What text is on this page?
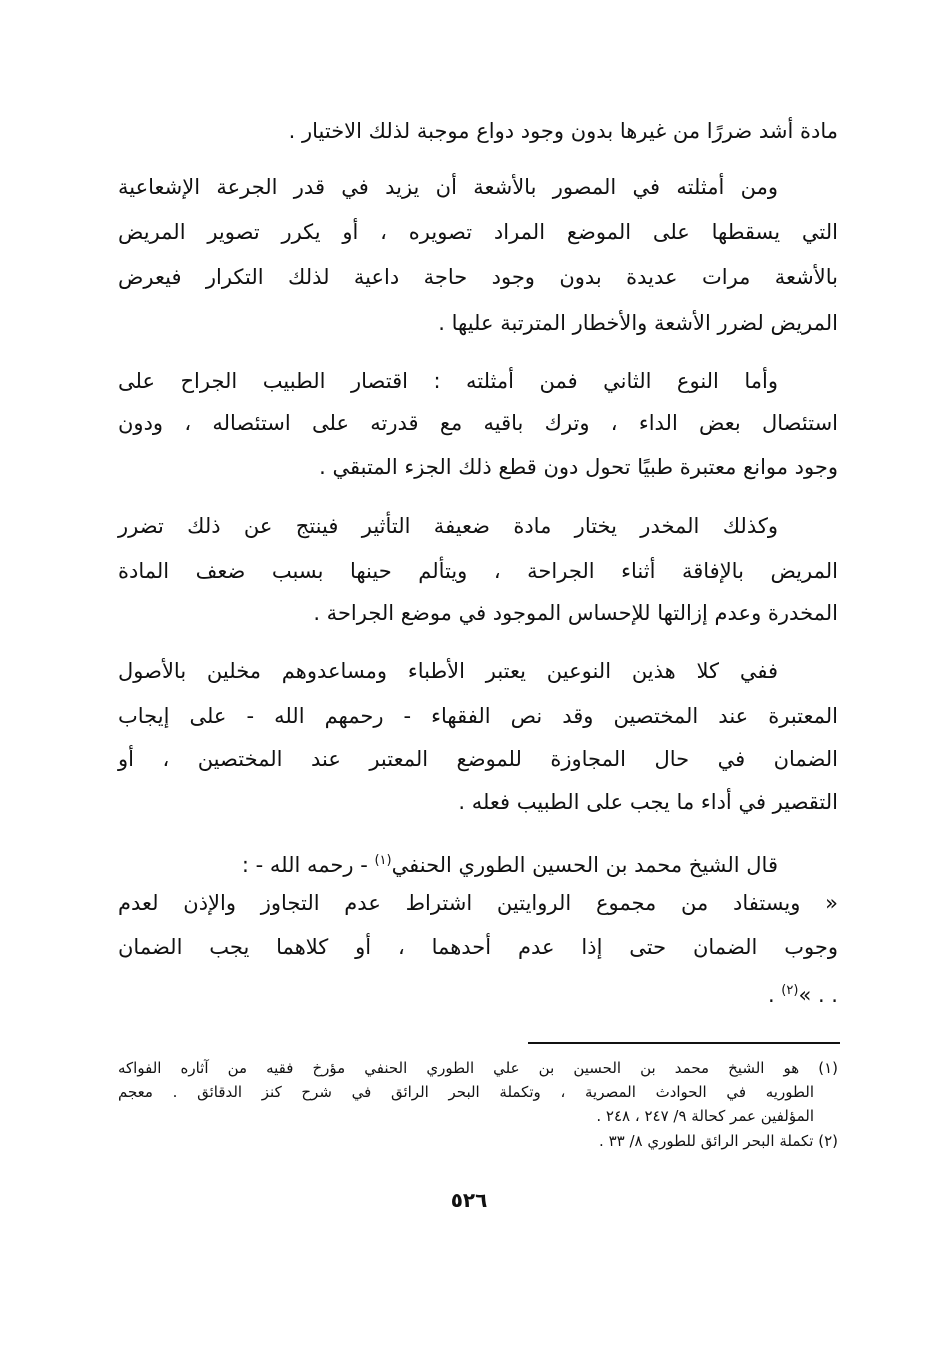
مادة أشد ضررًا من غيرها بدون وجود دواع موجبة لذلك الاختيار .
ومن أمثلته في المصور بالأشعة أن يزيد في قدر الجرعة الإشعاعية
التي يسقطها على الموضع المراد تصويره ، أو يكرر تصوير المريض
بالأشعة مرات عديدة بدون وجود حاجة داعية لذلك التكرار فيعرض
المريض لضرر الأشعة والأخطار المترتبة عليها .
وأما النوع الثاني فمن أمثلته : اقتصار الطبيب الجراح على
استئصال بعض الداء ، وترك باقيه مع قدرته على استئصاله ، ودون
وجود موانع معتبرة طبيًا تحول دون قطع ذلك الجزء المتبقي .
وكذلك المخدر يختار مادة ضعيفة التأثير فينتج عن ذلك تضرر
المريض بالإفاقة أثناء الجراحة ، ويتألم حينها بسبب ضعف المادة
المخدرة وعدم إزالتها للإحساس الموجود في موضع الجراحة .
ففي كلا هذين النوعين يعتبر الأطباء ومساعدوهم مخلين بالأصول
المعتبرة عند المختصين وقد نص الفقهاء - رحمهم الله - على إيجاب
الضمان في حال المجاوزة للموضع المعتبر عند المختصين ، أو
التقصير في أداء ما يجب على الطبيب فعله .
قال الشيخ محمد بن الحسين الطوري الحنفي$^{(١)}$ - رحمه الله - :
« ويستفاد من مجموع الروايتين اشتراط عدم التجاوز والإذن لعدم
وجوب الضمان حتى إذا عدم أحدهما ، أو كلاهما يجب الضمان
. . »$^{(٢)}$ .
(١) هو الشيخ محمد بن الحسين بن علي الطوري الحنفي مؤرخ فقيه من آثاره الفواكه
الطوريه في الحوادث المصرية ، وتكملة البحر الرائق في شرح كنز الدقائق . معجم
المؤلفين عمر كحالة ٩/ ٢٤٧ ، ٢٤٨ .
(٢) تكملة البحر الرائق للطوري ٨/ ٣٣ .
٥٢٦
